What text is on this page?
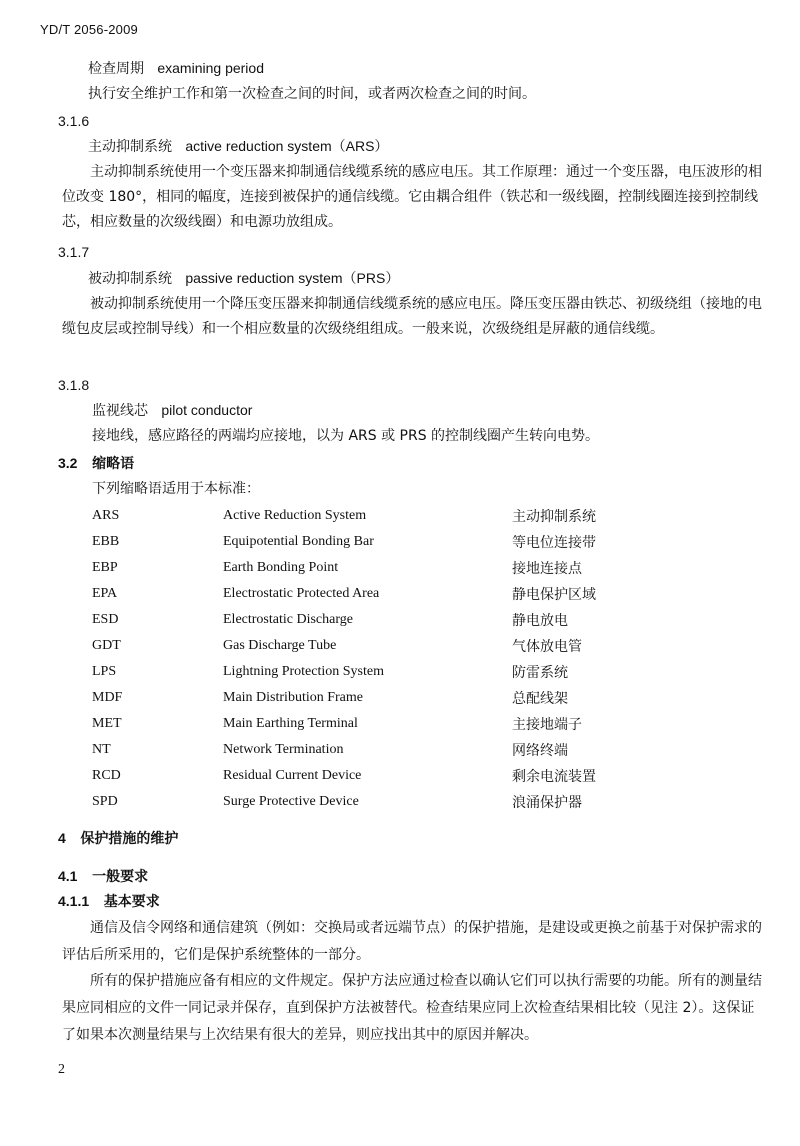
YD/T 2056-2009
检查周期 examining period
执行安全维护工作和第一次检查之间的时间，或者两次检查之间的时间。
3.1.6
主动抑制系统 active reduction system（ARS）
主动抑制系统使用一个变压器来抑制通信线缆系统的感应电压。其工作原理：通过一个变压器，电压波形的相位改变 180°，相同的幅度，连接到被保护的通信线缆。它由耦合组件（铁芯和一级线圈，控制线圈连接到控制线芯，相应数量的次级线圈）和电源功放组成。
3.1.7
被动抑制系统 passive reduction system（PRS）
被动抑制系统使用一个降压变压器来抑制通信线缆系统的感应电压。降压变压器由铁芯、初级绕组（接地的电缆包皮层或控制导线）和一个相应数量的次级绕组组成。一般来说，次级绕组是屏蔽的通信线缆。
3.1.8
监视线芯 pilot conductor
接地线，感应路径的两端均应接地，以为 ARS 或 PRS 的控制线圈产生转向电势。
3.2 缩略语
下列缩略语适用于本标准：
ARS	Active Reduction System	主动抑制系统
EBB	Equipotential Bonding Bar	等电位连接带
EBP	Earth Bonding Point	接地连接点
EPA	Electrostatic Protected Area	静电保护区域
ESD	Electrostatic Discharge	静电放电
GDT	Gas Discharge Tube	气体放电管
LPS	Lightning Protection System	防雷系统
MDF	Main Distribution Frame	总配线架
MET	Main Earthing Terminal	主接地端子
NT	Network Termination	网络终端
RCD	Residual Current Device	剩余电流装置
SPD	Surge Protective Device	浪涌保护器
4 保护措施的维护
4.1 一般要求
4.1.1 基本要求
通信及信令网络和通信建筑（例如：交换局或者远端节点）的保护措施，是建设或更换之前基于对保护需求的评估后所采用的，它们是保护系统整体的一部分。
所有的保护措施应备有相应的文件规定。保护方法应通过检查以确认它们可以执行需要的功能。所有的测量结果应同相应的文件一同记录并保存，直到保护方法被替代。检查结果应同上次检查结果相比较（见注 2）。这保证了如果本次测量结果与上次结果有很大的差异，则应找出其中的原因并解决。
2
